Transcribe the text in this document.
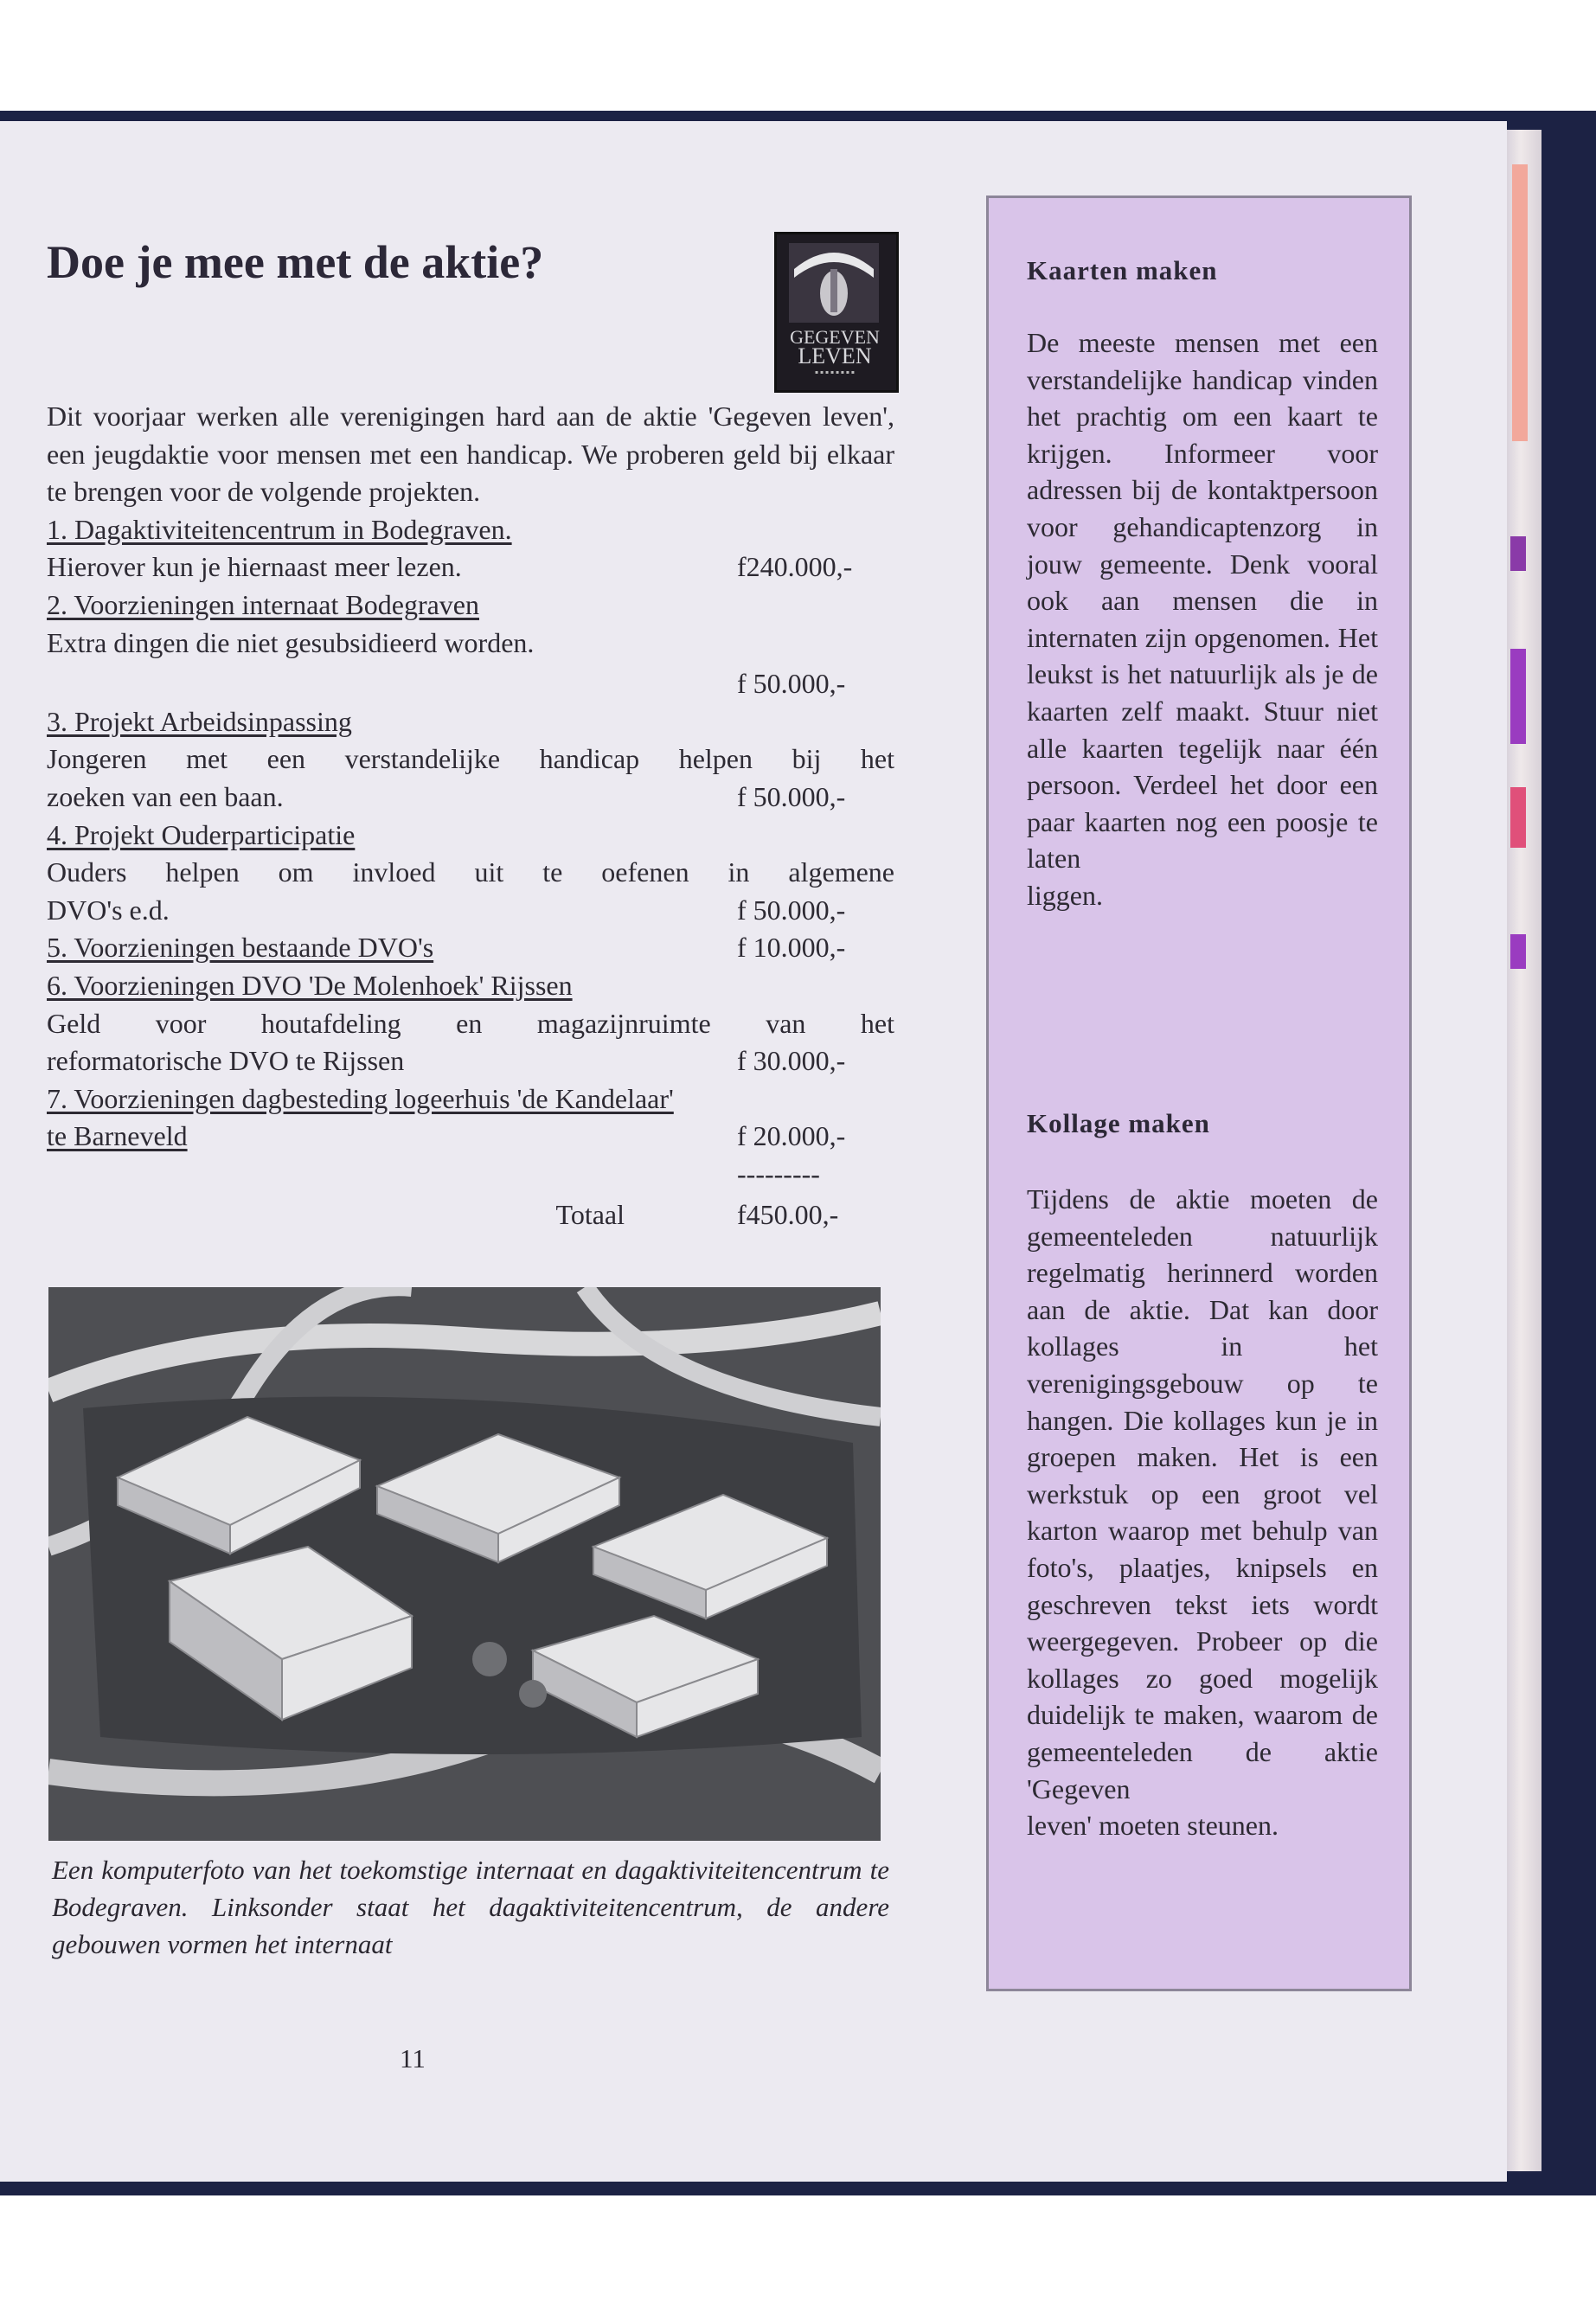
Doe je mee met de aktie?
GEGEVEN
LEVEN
▪ ▪ ▪ ▪ ▪ ▪ ▪ ▪

Dit voorjaar werken alle verenigingen hard aan de aktie 'Gegeven leven', een jeugdaktie voor mensen met een handicap. We proberen geld bij elkaar te brengen voor de volgende projekten.

1. Dagaktiviteitencentrum in Bodegraven.
Hierover kun je hiernaast meer lezen.	f240.000,-
2. Voorzieningen internaat Bodegraven
Extra dingen die niet gesubsidieerd worden.
f 50.000,-
3. Projekt Arbeidsinpassing
Jongeren met een verstandelijke handicap helpen bij het
zoeken van een baan.	f 50.000,-
4. Projekt Ouderparticipatie
Ouders helpen om invloed uit te oefenen in algemene
DVO's e.d.	f 50.000,-
5. Voorzieningen bestaande DVO's	f 10.000,-
6. Voorzieningen DVO 'De Molenhoek' Rijssen
Geld voor houtafdeling en magazijnruimte van het
reformatorische DVO te Rijssen	f 30.000,-
7. Voorzieningen dagbesteding logeerhuis 'de Kandelaar'
te Barneveld	f 20.000,-
---------
Totaal	f450.00,-

Een komputerfoto van het toekomstige internaat en dagaktiviteitencentrum te Bodegraven. Linksonder staat het dagaktiviteitencentrum, de andere gebouwen vormen het internaat

11
Kaarten maken

De meeste mensen met een verstandelijke handicap vinden het prachtig om een kaart te krijgen. Informeer voor adressen bij de kontaktpersoon voor gehandicaptenzorg in jouw gemeente. Denk vooral ook aan mensen die in internaten zijn opgenomen. Het leukst is het natuurlijk als je de kaarten zelf maakt. Stuur niet alle kaarten tegelijk naar één persoon. Verdeel het door een paar kaarten nog een poosje te laten
liggen.

Kollage maken

Tijdens de aktie moeten de gemeenteleden natuurlijk regelmatig herinnerd worden aan de aktie. Dat kan door kollages in het verenigingsgebouw op te hangen. Die kollages kun je in groepen maken. Het is een werkstuk op een groot vel karton waarop met behulp van foto's, plaatjes, knipsels en geschreven tekst iets wordt weergegeven. Probeer op die kollages zo goed mogelijk duidelijk te maken, waarom de gemeenteleden de aktie 'Gegeven
leven' moeten steunen.
